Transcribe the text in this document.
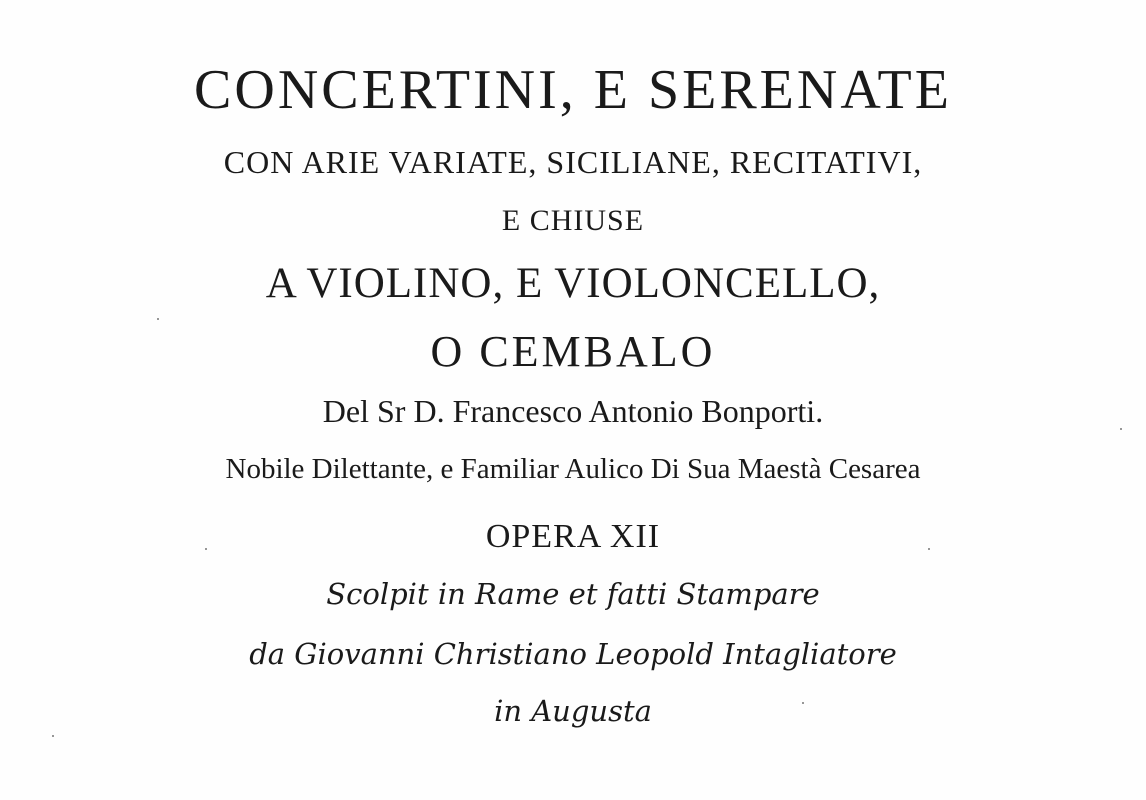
CONCERTINI, E SERENATE
CON ARIE VARIATE, SICILIANE, RECITATIVI,
E CHIUSE
A VIOLINO, E VIOLONCELLO,
O CEMBALO
Del Sr D. Francesco Antonio Bonporti.
Nobile Dilettante, e Familiar Aulico Di Sua Maestà Cesarea
OPERA XII
Scolpit in Rame et fatti Stampare
da Giovanni Christiano Leopold Intagliatore
in Augusta
